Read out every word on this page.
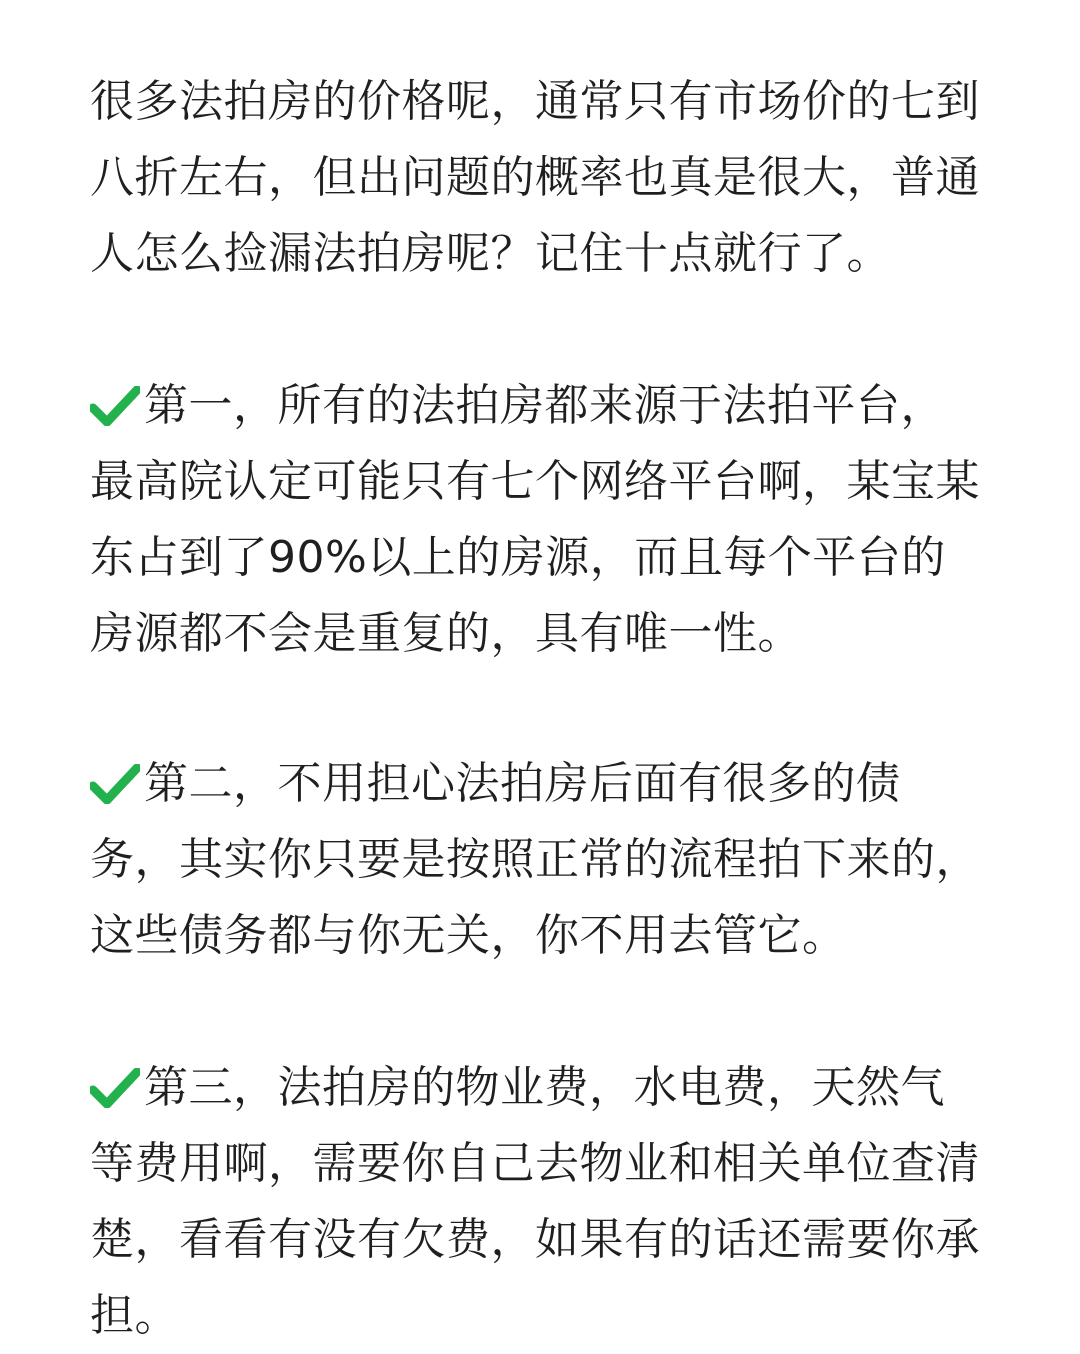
很多法拍房的价格呢，通常只有市场价的七到
八折左右，但出问题的概率也真是很大，普通
人怎么捡漏法拍房呢？记住十点就行了。
第一，所有的法拍房都来源于法拍平台，
最高院认定可能只有七个网络平台啊，某宝某
东占到了90%以上的房源，而且每个平台的
房源都不会是重复的，具有唯一性。
第二，不用担心法拍房后面有很多的债
务，其实你只要是按照正常的流程拍下来的，
这些债务都与你无关，你不用去管它。
第三，法拍房的物业费，水电费，天然气
等费用啊，需要你自己去物业和相关单位查清
楚，看看有没有欠费，如果有的话还需要你承
担。
